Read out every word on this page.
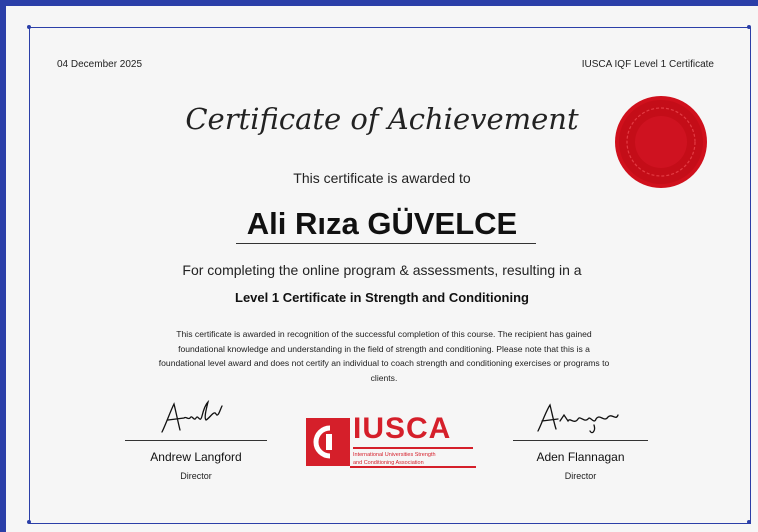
04 December 2025	IUSCA IQF Level 1 Certificate
Certificate of Achievement
This certificate is awarded to
Ali Rıza GÜVELCE
For completing the online program & assessments, resulting in a
Level 1 Certificate in Strength and Conditioning
This certificate is awarded in recognition of the successful completion of this course. The recipient has gained
foundational knowledge and understanding in the field of strength and conditioning. Please note that this is a
foundational level award and does not certify an individual to coach strength and conditioning exercises or programs to
clients.
Andrew Langford
Director
IUSCA
International Universities Strength
and Conditioning Association	Aden Flannagan
Director
